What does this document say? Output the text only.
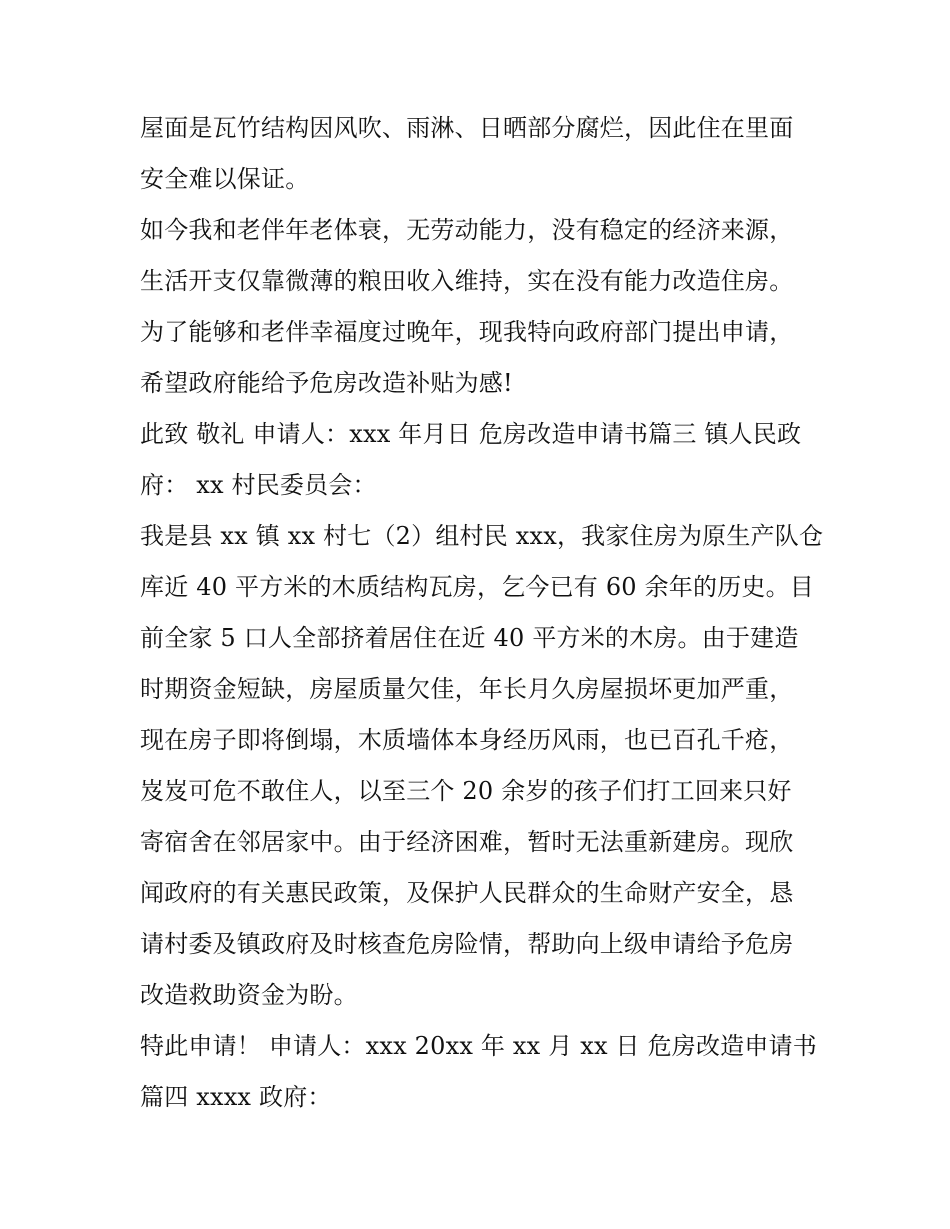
屋面是瓦竹结构因风吹、雨淋、日晒部分腐烂，因此住在里面
安全难以保证。
如今我和老伴年老体衰，无劳动能力，没有稳定的经济来源，
生活开支仅靠微薄的粮田收入维持，实在没有能力改造住房。
为了能够和老伴幸福度过晚年，现我特向政府部门提出申请，
希望政府能给予危房改造补贴为感!
此致 敬礼 申请人：xxx 年月日 危房改造申请书篇三 镇人民政
府： xx 村民委员会：
我是县 xx 镇 xx 村七（2）组村民 xxx，我家住房为原生产队仓
库近 40 平方米的木质结构瓦房，乞今已有 60 余年的历史。目
前全家 5 口人全部挤着居住在近 40 平方米的木房。由于建造
时期资金短缺，房屋质量欠佳，年长月久房屋损坏更加严重，
现在房子即将倒塌，木质墙体本身经历风雨，也已百孔千疮，
岌岌可危不敢住人，以至三个 20 余岁的孩子们打工回来只好
寄宿舍在邻居家中。由于经济困难，暂时无法重新建房。现欣
闻政府的有关惠民政策，及保护人民群众的生命财产安全，恳
请村委及镇政府及时核查危房险情，帮助向上级申请给予危房
改造救助资金为盼。
特此申请！ 申请人：xxx 20xx 年 xx 月 xx 日 危房改造申请书
篇四 xxxx 政府：
